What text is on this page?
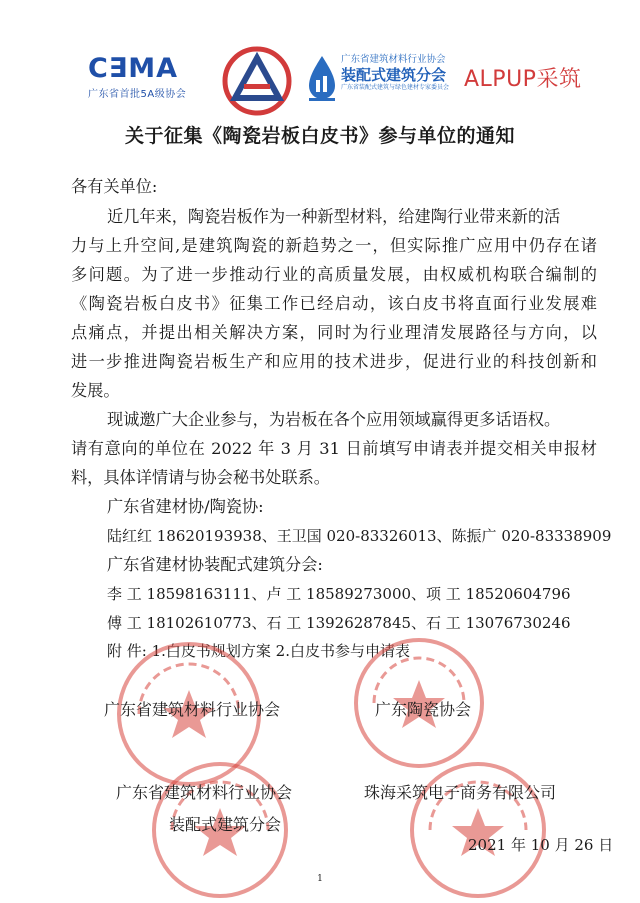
C∃MA
广东省首批5A级协会
广东省建筑材料行业协会
装配式建筑分会
广东省装配式建筑与绿色建材专家委员会 ALPUP采筑
关于征集《陶瓷岩板白皮书》参与单位的通知
各有关单位:
近几年来，陶瓷岩板作为一种新型材料，给建陶行业带来新的活
力与上升空间,是建筑陶瓷的新趋势之一，但实际推广应用中仍存在诸
多问题。为了进一步推动行业的高质量发展，由权威机构联合编制的
《陶瓷岩板白皮书》征集工作已经启动，该白皮书将直面行业发展难
点痛点，并提出相关解决方案，同时为行业理清发展路径与方向，以
进一步推进陶瓷岩板生产和应用的技术进步，促进行业的科技创新和
发展。
现诚邀广大企业参与，为岩板在各个应用领域赢得更多话语权。
请有意向的单位在 2022 年 3 月 31 日前填写申请表并提交相关申报材
料，具体详情请与协会秘书处联系。
广东省建材协/陶瓷协:
陆红红 18620193938、王卫国 020-83326013、陈振广 020-83338909
广东省建材协装配式建筑分会:
李 工 18598163111、卢 工 18589273000、项 工 18520604796
傅 工 18102610773、石 工 13926287845、石 工 13076730246
附 件: 1.白皮书规划方案 2.白皮书参与申请表
广东省建筑材料行业协会	广东陶瓷协会
广东省建筑材料行业协会
装配式建筑分会
珠海采筑电子商务有限公司
2021 年 10 月 26 日
1
